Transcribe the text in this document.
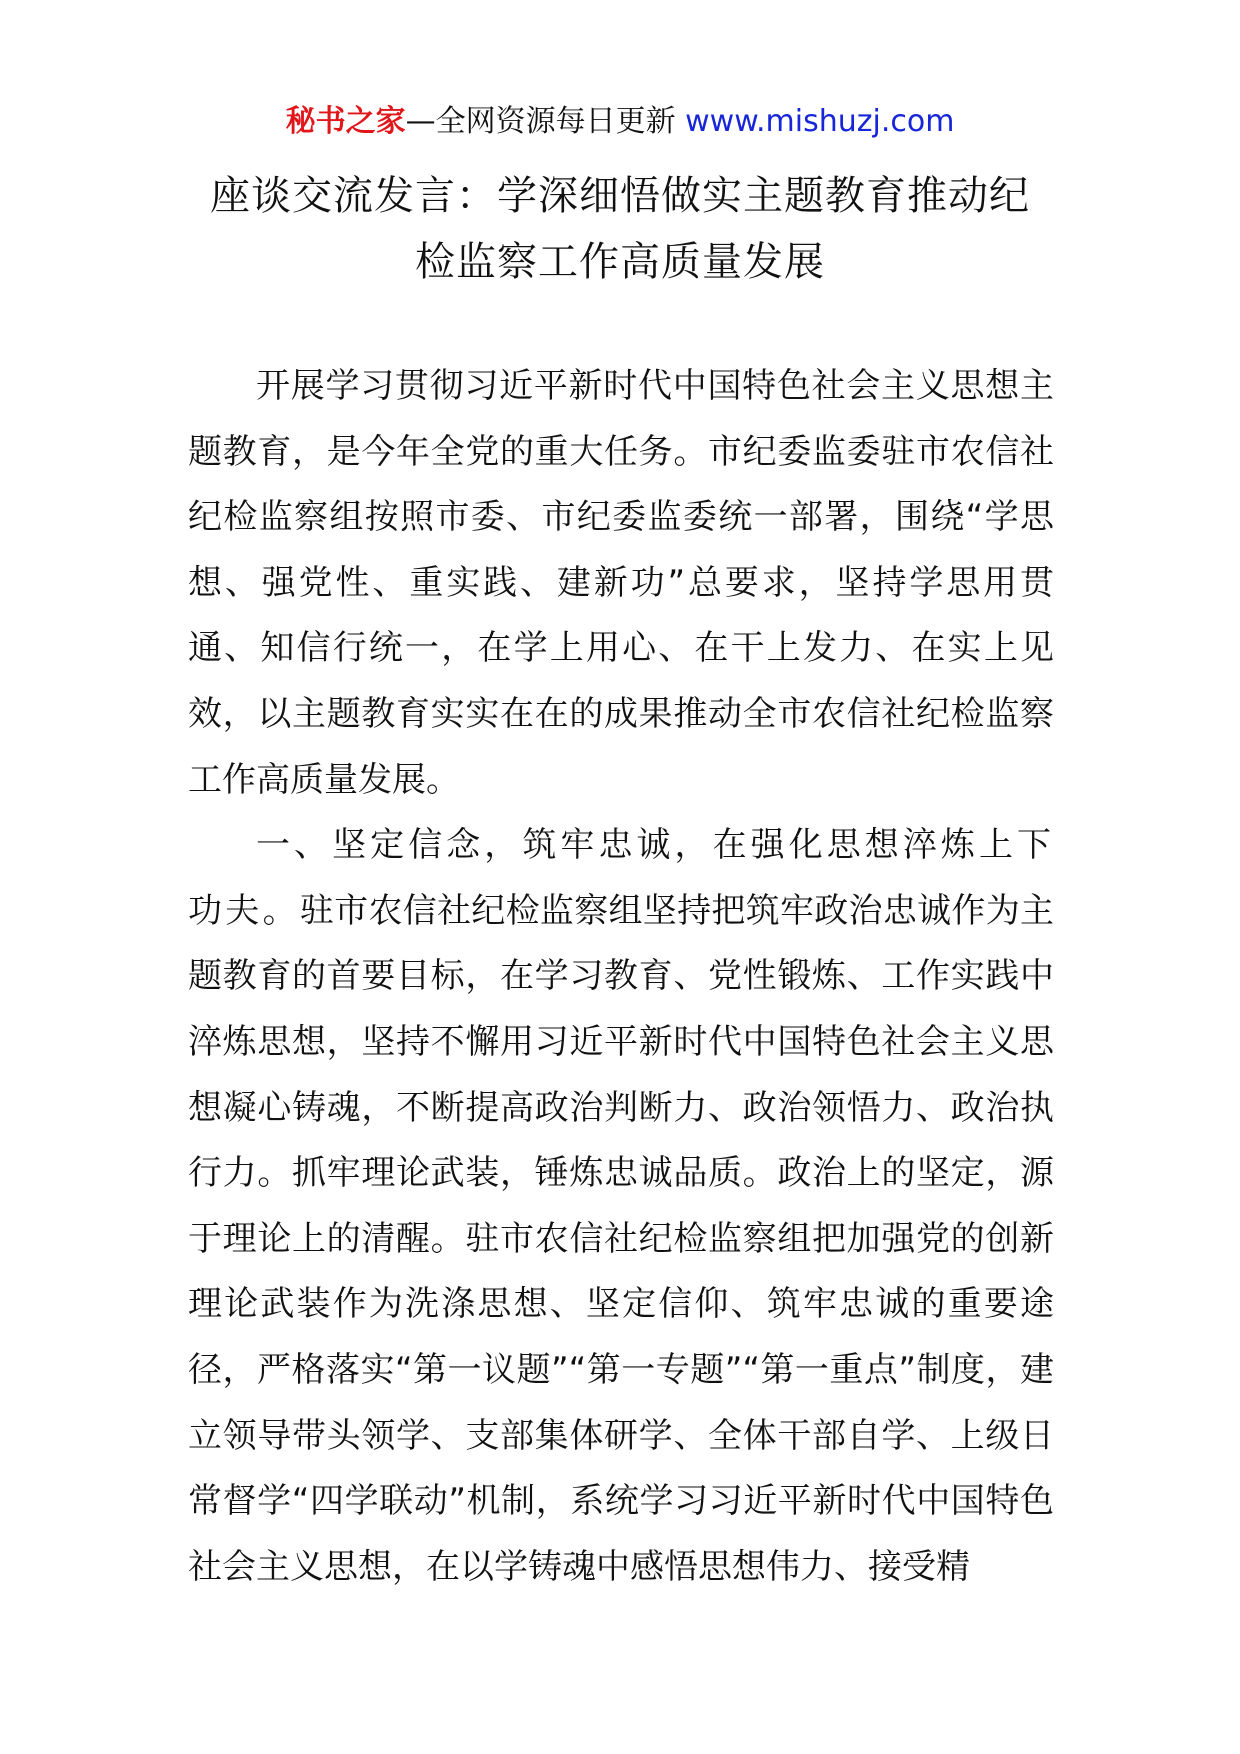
秘书之家—全网资源每日更新 www.mishuzj.com
座谈交流发言：学深细悟做实主题教育推动纪
检监察工作高质量发展

开展学习贯彻习近平新时代中国特色社会主义思想主题教育，是今年全党的重大任务。市纪委监委驻市农信社纪检监察组按照市委、市纪委监委统一部署，围绕“学思想、强党性、重实践、建新功”总要求，坚持学思用贯通、知信行统一，在学上用心、在干上发力、在实上见效，以主题教育实实在在的成果推动全市农信社纪检监察工作高质量发展。

一、坚定信念，筑牢忠诚，在强化思想淬炼上下功夫。驻市农信社纪检监察组坚持把筑牢政治忠诚作为主题教育的首要目标，在学习教育、党性锻炼、工作实践中淬炼思想，坚持不懈用习近平新时代中国特色社会主义思想凝心铸魂，不断提高政治判断力、政治领悟力、政治执行力。抓牢理论武装，锤炼忠诚品质。政治上的坚定，源于理论上的清醒。驻市农信社纪检监察组把加强党的创新理论武装作为洗涤思想、坚定信仰、筑牢忠诚的重要途径，严格落实“第一议题”“第一专题”“第一重点”制度，建立领导带头领学、支部集体研学、全体干部自学、上级日常督学“四学联动”机制，系统学习习近平新时代中国特色社会主义思想，在以学铸魂中感悟思想伟力、接受精
